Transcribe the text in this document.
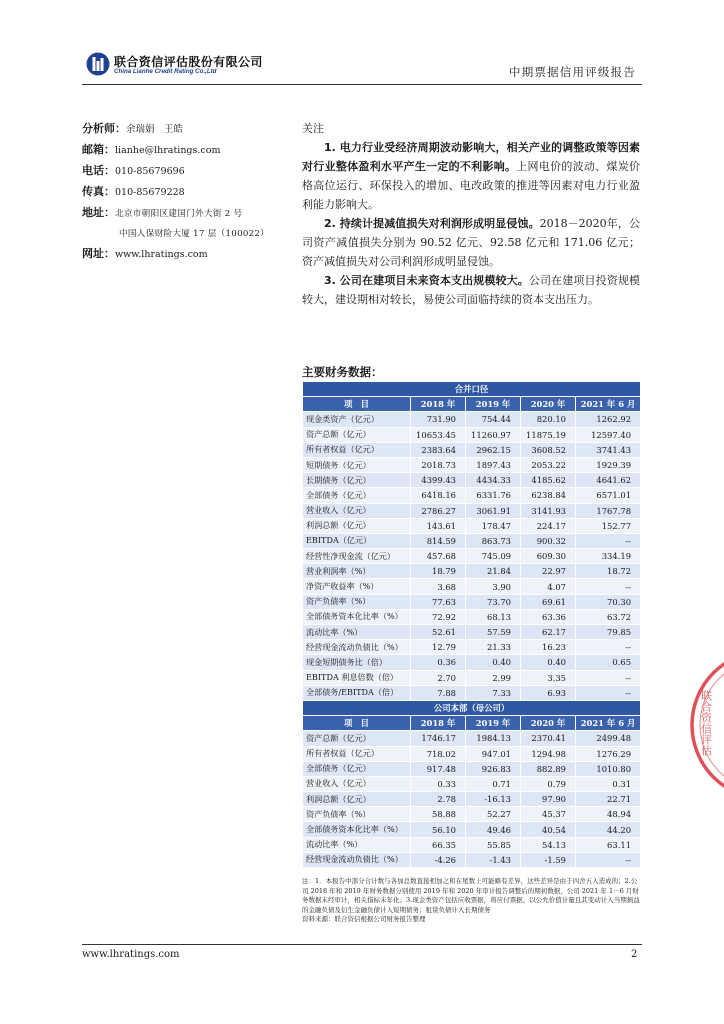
联合资信评估股份有限公司
China Lianhe Credit Rating Co.,Ltd	中期票据信用评级报告
分析师：余瑞娟　王皓
邮箱：lianhe@lhratings.com
电话：010-85679696
传真：010-85679228
地址：北京市朝阳区建国门外大街 2 号
中国人保财险大厦 17 层（100022）
网址：www.lhratings.com

关注

1. 电力行业受经济周期波动影响大，相关产业的调整政策等因素对行业整体盈利水平产生一定的不利影响。上网电价的波动、煤炭价格高位运行、环保投入的增加、电改政策的推进等因素对电力行业盈利能力影响大。

2. 持续计提减值损失对利润形成明显侵蚀。2018－2020年，公司资产减值损失分别为 90.52 亿元、92.58 亿元和 171.06 亿元；资产减值损失对公司利润形成明显侵蚀。

3. 公司在建项目未来资本支出规模较大。公司在建项目投资规模较大，建设期相对较长，易使公司面临持续的资本支出压力。

主要财务数据：
合并口径				
项　目	2018 年	2019 年	2020 年	2021 年 6 月
现金类资产（亿元）	731.90	754.44	820.10	1262.92
资产总额（亿元）	10653.45	11260.97	11875.19	12597.40
所有者权益（亿元）	2383.64	2962.15	3608.52	3741.43
短期债务（亿元）	2018.73	1897.43	2053.22	1929.39
长期债务（亿元）	4399.43	4434.33	4185.62	4641.62
全部债务（亿元）	6418.16	6331.76	6238.84	6571.01
营业收入（亿元）	2786.27	3061.91	3141.93	1767.78
利润总额（亿元）	143.61	178.47	224.17	152.77
EBITDA（亿元）	814.59	863.73	900.32	--
经营性净现金流（亿元）	457.68	745.09	609.30	334.19
营业利润率（%）	18.79	21.84	22.97	18.72
净资产收益率（%）	3.68	3.90	4.07	--
资产负债率（%）	77.63	73.70	69.61	70.30
全部债务资本化比率（%）	72.92	68.13	63.36	63.72
流动比率（%）	52.61	57.59	62.17	79.85
经营现金流动负债比（%）	12.79	21.33	16.23	--
现金短期债务比（倍）	0.36	0.40	0.40	0.65
EBITDA 利息倍数（倍）	2.70	2.99	3.35	--
全部债务/EBITDA（倍）	7.88	7.33	6.93	--
公司本部（母公司）				
项　目	2018 年	2019 年	2020 年	2021 年 6 月
资产总额（亿元）	1746.17	1984.13	2370.41	2499.48
所有者权益（亿元）	718.02	947.01	1294.98	1276.29
全部债务（亿元）	917.48	926.83	882.89	1010.80
营业收入（亿元）	0.33	0.71	0.79	0.31
利润总额（亿元）	2.78	-16.13	97.90	22.71
资产负债率（%）	58.88	52.27	45.37	48.94
全部债务资本化比率（%）	56.10	49.46	40.54	44.20
流动比率（%）	66.35	55.85	54.13	63.11
经营现金流动负债比（%）	-4.26	-1.43	-1.59	--
注：1．本报告中部分合计数与各加总数直接相加之和在尾数上可能略有差异，这些差异是由于四舍五入造成的；2.公司 2018 年和 2019 年财务数据分别使用 2019 年和 2020 年审计报告调整后的期初数据，公司 2021 年 1－6 月财务数据未经审计，相关指标未年化；3.现金类资产包括应收票据，将应付票据、以公允价值计量且其变动计入当期损益的金融负债及衍生金融负债计入短期债务；租赁负债计入长期债务
资料来源：联合资信根据公司财务报告整理
www.lhratings.com	2
联合资信评估
